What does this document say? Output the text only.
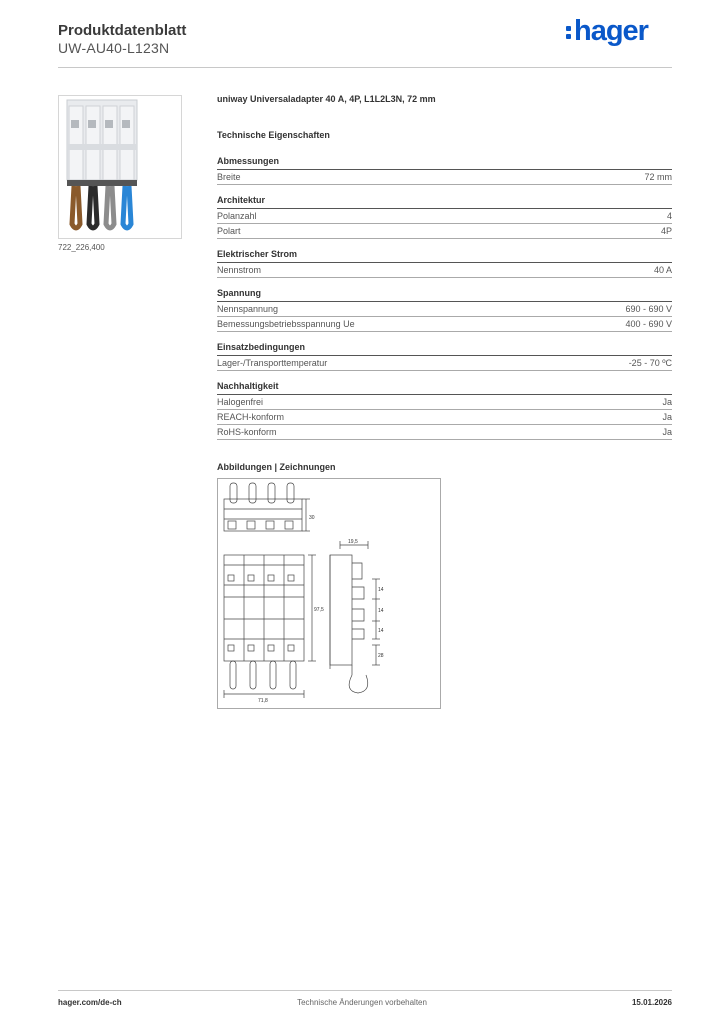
Produktdatenblatt
UW-AU40-L123N
hager
722_226,400
uniway Universaladapter 40 A, 4P, L1L2L3N, 72 mm
Technische Eigenschaften
Abmessungen
Breite	72 mm
Architektur
Polanzahl	4
Polart	4P
Elektrischer Strom
Nennstrom	40 A
Spannung
Nennspannung	690 - 690 V
Bemessungsbetriebsspannung Ue	400 - 690 V
Einsatzbedingungen
Lager-/Transporttemperatur	-25 - 70 ºC
Nachhaltigkeit
Halogenfrei	Ja
REACH-konform	Ja
RoHS-konform	Ja
Abbildungen | Zeichnungen
30
19,5
97,5
14
14
14
28
71,8
hager.com/de-ch	Technische Änderungen vorbehalten	15.01.2026
